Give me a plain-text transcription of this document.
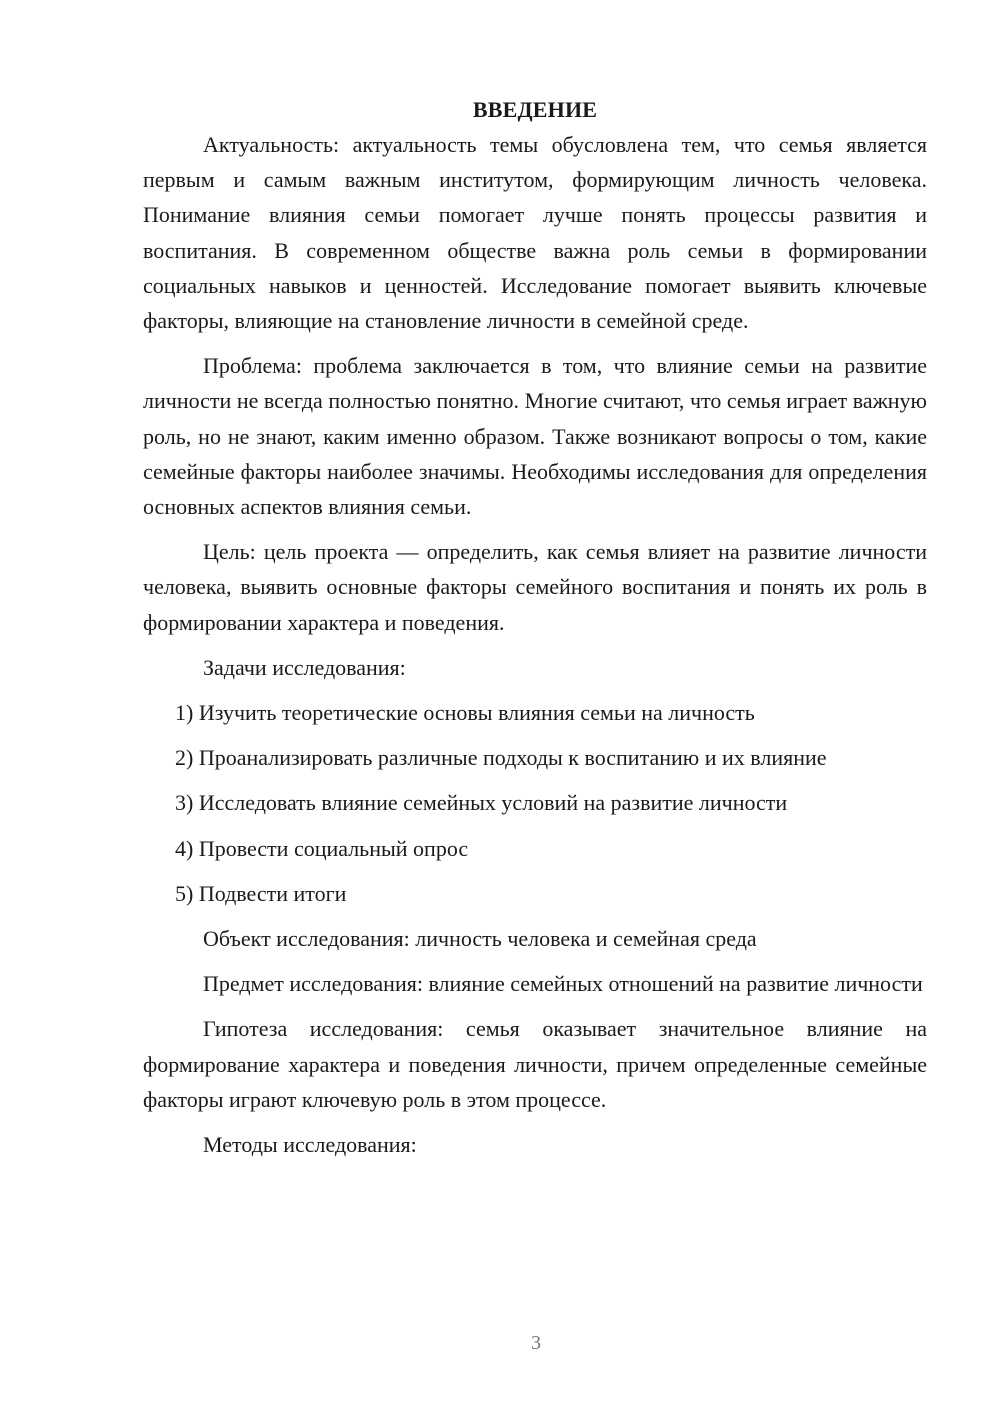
ВВЕДЕНИЕ

Актуальность: актуальность темы обусловлена тем, что семья является первым и самым важным институтом, формирующим личность человека. Понимание влияния семьи помогает лучше понять процессы развития и воспитания. В современном обществе важна роль семьи в формировании социальных навыков и ценностей. Исследование помогает выявить ключевые факторы, влияющие на становление личности в семейной среде.

Проблема: проблема заключается в том, что влияние семьи на развитие личности не всегда полностью понятно. Многие считают, что семья играет важную роль, но не знают, каким именно образом. Также возникают вопросы о том, какие семейные факторы наиболее значимы. Необходимы исследования для определения основных аспектов влияния семьи.

Цель: цель проекта — определить, как семья влияет на развитие личности человека, выявить основные факторы семейного воспитания и понять их роль в формировании характера и поведения.

Задачи исследования:

1) Изучить теоретические основы влияния семьи на личность
2) Проанализировать различные подходы к воспитанию и их влияние
3) Исследовать влияние семейных условий на развитие личности
4) Провести социальный опрос
5) Подвести итоги

Объект исследования: личность человека и семейная среда

Предмет исследования: влияние семейных отношений на развитие личности

Гипотеза исследования: семья оказывает значительное влияние на формирование характера и поведения личности, причем определенные семейные факторы играют ключевую роль в этом процессе.

Методы исследования:

3
